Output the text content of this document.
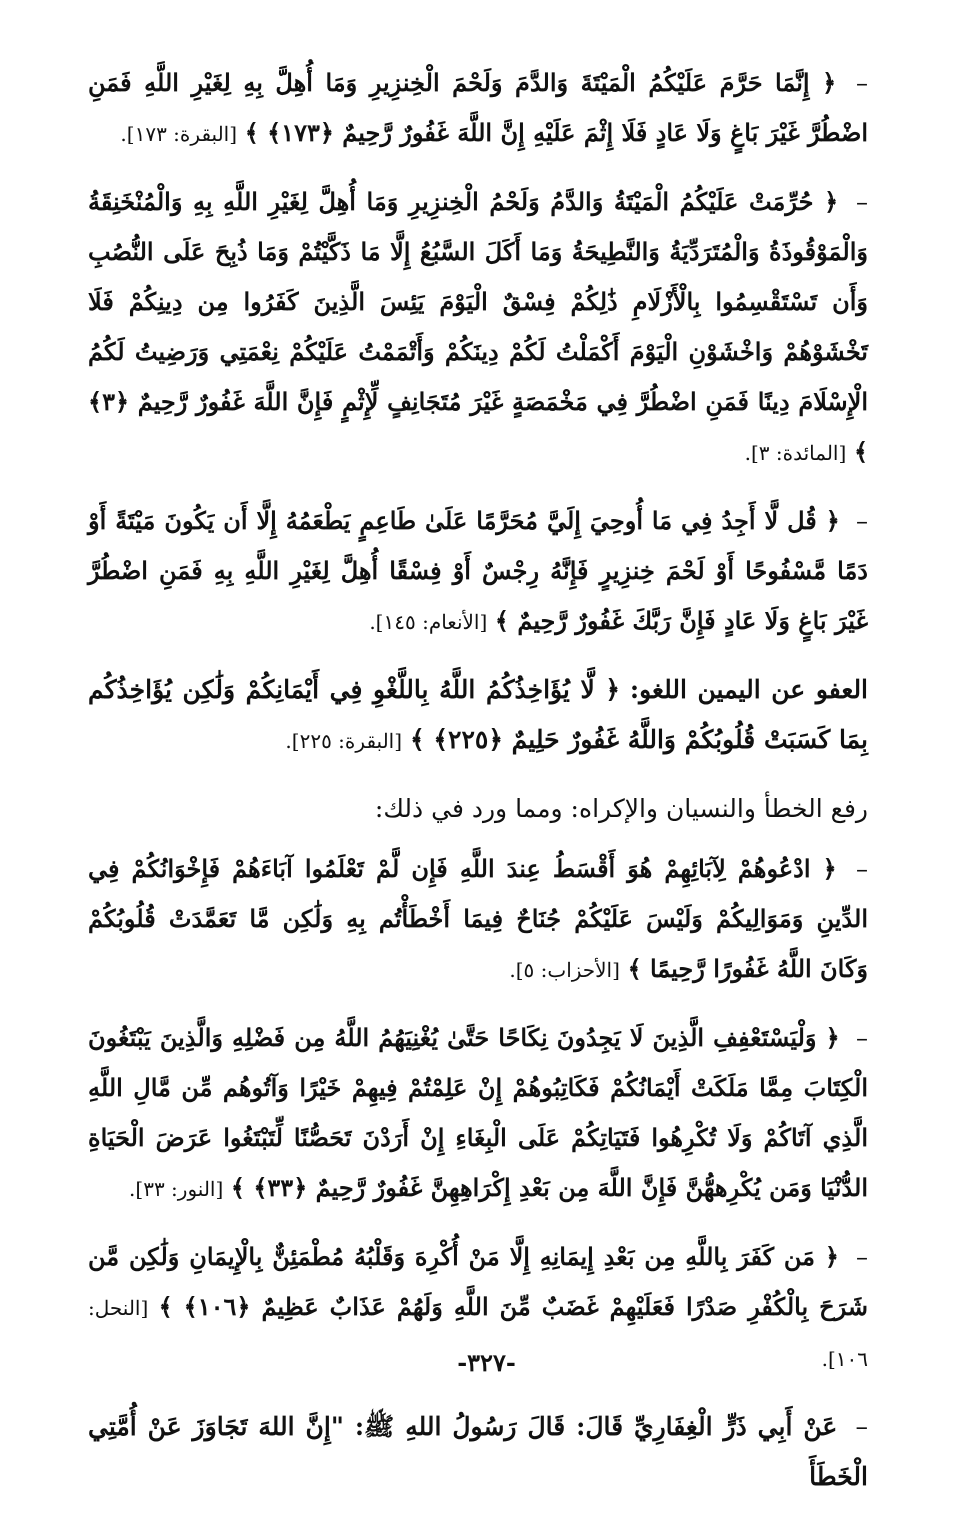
– ﴿ إِنَّمَا حَرَّمَ عَلَيْكُمُ الْمَيْتَةَ وَالدَّمَ وَلَحْمَ الْخِنزِيرِ وَمَا أُهِلَّ بِهِ لِغَيْرِ اللَّهِ فَمَنِ اضْطُرَّ غَيْرَ بَاغٍ وَلَا عَادٍ فَلَا إِثْمَ عَلَيْهِ إِنَّ اللَّهَ غَفُورٌ رَّحِيمٌ ﴿١٧٣﴾ ﴾ [البقرة: ١٧٣].

– ﴿ حُرِّمَتْ عَلَيْكُمُ الْمَيْتَةُ وَالدَّمُ وَلَحْمُ الْخِنزِيرِ وَمَا أُهِلَّ لِغَيْرِ اللَّهِ بِهِ وَالْمُنْخَنِقَةُ وَالْمَوْقُوذَةُ وَالْمُتَرَدِّيَةُ وَالنَّطِيحَةُ وَمَا أَكَلَ السَّبُعُ إِلَّا مَا ذَكَّيْتُمْ وَمَا ذُبِحَ عَلَى النُّصُبِ وَأَن تَسْتَقْسِمُوا بِالْأَزْلَامِ ذَٰلِكُمْ فِسْقٌ الْيَوْمَ يَئِسَ الَّذِينَ كَفَرُوا مِن دِينِكُمْ فَلَا تَخْشَوْهُمْ وَاخْشَوْنِ الْيَوْمَ أَكْمَلْتُ لَكُمْ دِينَكُمْ وَأَتْمَمْتُ عَلَيْكُمْ نِعْمَتِي وَرَضِيتُ لَكُمُ الْإِسْلَامَ دِينًا فَمَنِ اضْطُرَّ فِي مَخْمَصَةٍ غَيْرَ مُتَجَانِفٍ لِّإِثْمٍ فَإِنَّ اللَّهَ غَفُورٌ رَّحِيمٌ ﴿٣﴾ ﴾ [المائدة: ٣].

– ﴿ قُل لَّا أَجِدُ فِي مَا أُوحِيَ إِلَيَّ مُحَرَّمًا عَلَىٰ طَاعِمٍ يَطْعَمُهُ إِلَّا أَن يَكُونَ مَيْتَةً أَوْ دَمًا مَّسْفُوحًا أَوْ لَحْمَ خِنزِيرٍ فَإِنَّهُ رِجْسٌ أَوْ فِسْقًا أُهِلَّ لِغَيْرِ اللَّهِ بِهِ فَمَنِ اضْطُرَّ غَيْرَ بَاغٍ وَلَا عَادٍ فَإِنَّ رَبَّكَ غَفُورٌ رَّحِيمٌ ﴾ [الأنعام: ١٤٥].

العفو عن اليمين اللغو: ﴿ لَّا يُؤَاخِذُكُمُ اللَّهُ بِاللَّغْوِ فِي أَيْمَانِكُمْ وَلَٰكِن يُؤَاخِذُكُم بِمَا كَسَبَتْ قُلُوبُكُمْ وَاللَّهُ غَفُورٌ حَلِيمٌ ﴿٢٢٥﴾ ﴾ [البقرة: ٢٢٥].

رفع الخطأ والنسيان والإكراه: ومما ورد في ذلك:

– ﴿ ادْعُوهُمْ لِآبَائِهِمْ هُوَ أَقْسَطُ عِندَ اللَّهِ فَإِن لَّمْ تَعْلَمُوا آبَاءَهُمْ فَإِخْوَانُكُمْ فِي الدِّينِ وَمَوَالِيكُمْ وَلَيْسَ عَلَيْكُمْ جُنَاحٌ فِيمَا أَخْطَأْتُم بِهِ وَلَٰكِن مَّا تَعَمَّدَتْ قُلُوبُكُمْ وَكَانَ اللَّهُ غَفُورًا رَّحِيمًا ﴾ [الأحزاب: ٥].

– ﴿ وَلْيَسْتَعْفِفِ الَّذِينَ لَا يَجِدُونَ نِكَاحًا حَتَّىٰ يُغْنِيَهُمُ اللَّهُ مِن فَضْلِهِ وَالَّذِينَ يَبْتَغُونَ الْكِتَابَ مِمَّا مَلَكَتْ أَيْمَانُكُمْ فَكَاتِبُوهُمْ إِنْ عَلِمْتُمْ فِيهِمْ خَيْرًا وَآتُوهُم مِّن مَّالِ اللَّهِ الَّذِي آتَاكُمْ وَلَا تُكْرِهُوا فَتَيَاتِكُمْ عَلَى الْبِغَاءِ إِنْ أَرَدْنَ تَحَصُّنًا لِّتَبْتَغُوا عَرَضَ الْحَيَاةِ الدُّنْيَا وَمَن يُكْرِههُّنَّ فَإِنَّ اللَّهَ مِن بَعْدِ إِكْرَاهِهِنَّ غَفُورٌ رَّحِيمٌ ﴿٣٣﴾ ﴾ [النور: ٣٣].

– ﴿ مَن كَفَرَ بِاللَّهِ مِن بَعْدِ إِيمَانِهِ إِلَّا مَنْ أُكْرِهَ وَقَلْبُهُ مُطْمَئِنٌّ بِالْإِيمَانِ وَلَٰكِن مَّن شَرَحَ بِالْكُفْرِ صَدْرًا فَعَلَيْهِمْ غَضَبٌ مِّنَ اللَّهِ وَلَهُمْ عَذَابٌ عَظِيمٌ ﴿١٠٦﴾ ﴾ [النحل: ١٠٦].

– عَنْ أَبِي ذَرٍّ الْغِفَارِيِّ قَالَ: قَالَ رَسُولُ اللهِ ﷺ: "إِنَّ اللهَ تَجَاوَزَ عَنْ أُمَّتِي الْخَطَأَ

-٣٢٧-
